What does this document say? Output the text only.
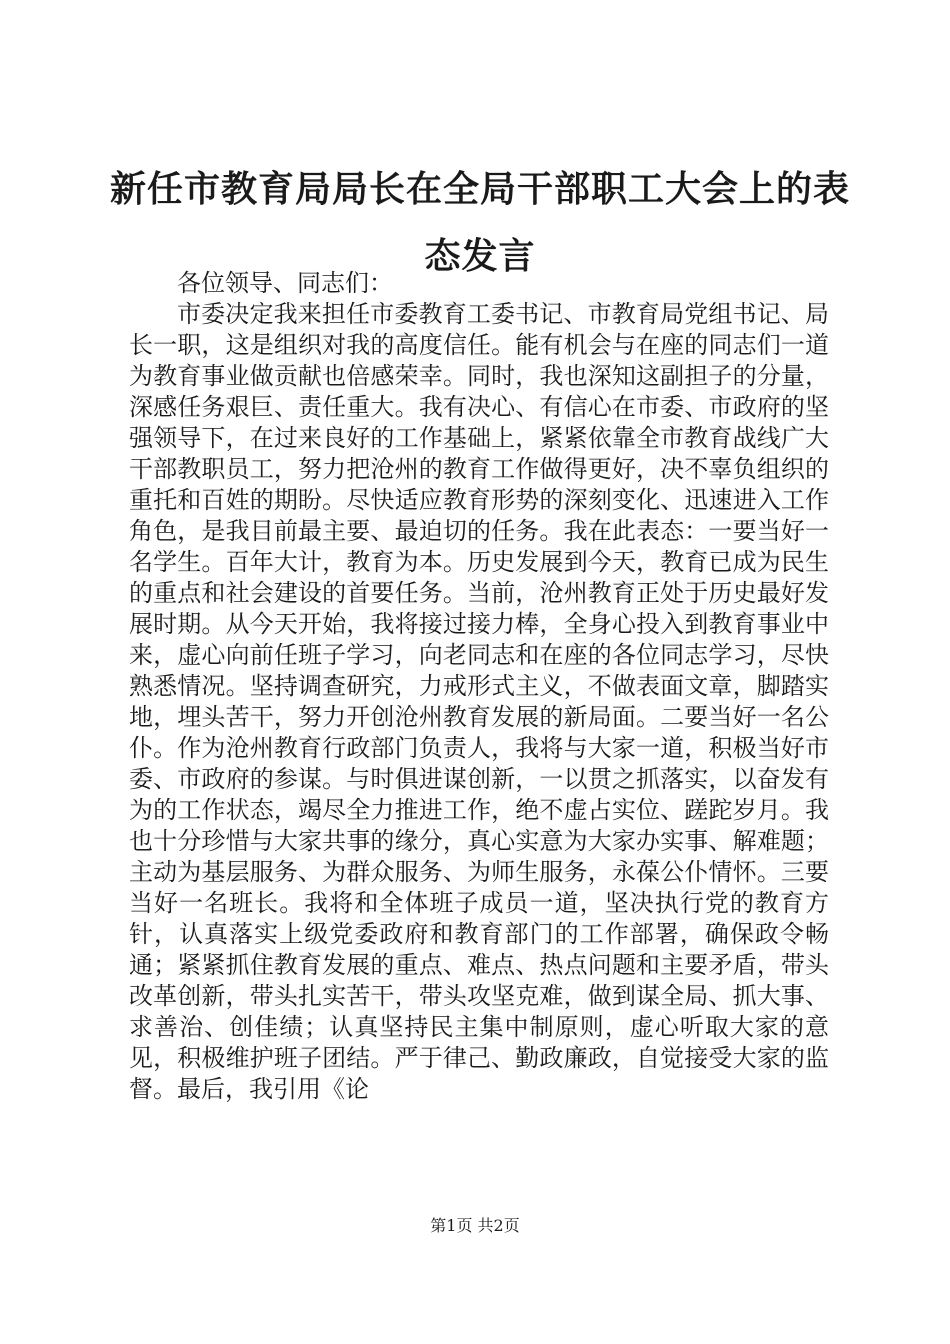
新任市教育局局长在全局干部职工大会上的表态发言

各位领导、同志们：

市委决定我来担任市委教育工委书记、市教育局党组书记、局长一职，这是组织对我的高度信任。能有机会与在座的同志们一道为教育事业做贡献也倍感荣幸。同时，我也深知这副担子的分量，深感任务艰巨、责任重大。我有决心、有信心在市委、市政府的坚强领导下，在过来良好的工作基础上，紧紧依靠全市教育战线广大干部教职员工，努力把沧州的教育工作做得更好，决不辜负组织的重托和百姓的期盼。尽快适应教育形势的深刻变化、迅速进入工作角色，是我目前最主要、最迫切的任务。我在此表态：一要当好一名学生。百年大计，教育为本。历史发展到今天，教育已成为民生的重点和社会建设的首要任务。当前，沧州教育正处于历史最好发展时期。从今天开始，我将接过接力棒，全身心投入到教育事业中来，虚心向前任班子学习，向老同志和在座的各位同志学习，尽快熟悉情况。坚持调查研究，力戒形式主义，不做表面文章，脚踏实地，埋头苦干，努力开创沧州教育发展的新局面。二要当好一名公仆。作为沧州教育行政部门负责人，我将与大家一道，积极当好市委、市政府的参谋。与时俱进谋创新，一以贯之抓落实，以奋发有为的工作状态，竭尽全力推进工作，绝不虚占实位、蹉跎岁月。我也十分珍惜与大家共事的缘分，真心实意为大家办实事、解难题；主动为基层服务、为群众服务、为师生服务，永葆公仆情怀。三要当好一名班长。我将和全体班子成员一道，坚决执行党的教育方针，认真落实上级党委政府和教育部门的工作部署，确保政令畅通；紧紧抓住教育发展的重点、难点、热点问题和主要矛盾，带头改革创新，带头扎实苦干，带头攻坚克难，做到谋全局、抓大事、求善治、创佳绩；认真坚持民主集中制原则，虚心听取大家的意见，积极维护班子团结。严于律己、勤政廉政，自觉接受大家的监督。最后，我引用《论

第1页 共2页
